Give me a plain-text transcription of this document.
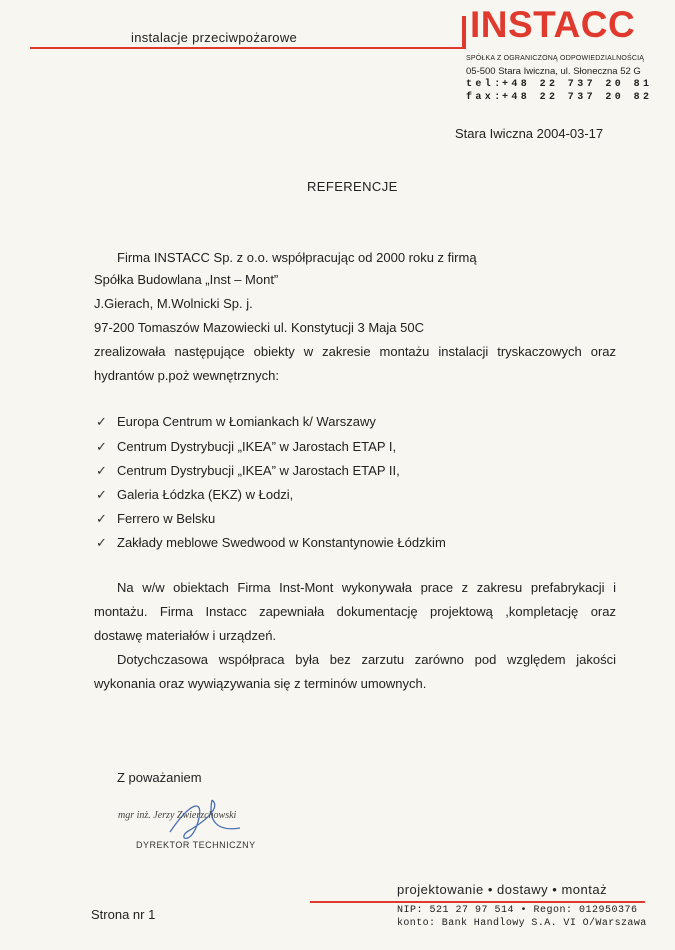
instalacje przeciwpożarowe	INSTACC
SPÓŁKA Z OGRANICZONĄ ODPOWIEDZIALNOŚCIĄ
05-500 Stara Iwiczna, ul. Słoneczna 52 G
tel:+48 22 737 20 81
fax:+48 22 737 20 82
Stara Iwiczna 2004-03-17
REFERENCJE
Firma INSTACC Sp. z o.o. współpracując od 2000 roku z firmą
Spółka Budowlana „Inst – Mont”
J.Gierach, M.Wolnicki Sp. j.
97-200 Tomaszów Mazowiecki ul. Konstytucji 3 Maja 50C
zrealizowała następujące obiekty w zakresie montażu instalacji tryskaczowych oraz
hydrantów p.poż wewnętrznych:
✓ Europa Centrum w Łomiankach k/ Warszawy
✓ Centrum Dystrybucji „IKEA” w Jarostach ETAP I,
✓ Centrum Dystrybucji „IKEA” w Jarostach ETAP II,
✓ Galeria Łódzka (EKZ) w Łodzi,
✓ Ferrero w Belsku
✓ Zakłady meblowe Swedwood w Konstantynowie Łódzkim
Na w/w obiektach Firma Inst-Mont wykonywała prace z zakresu prefabrykacji i
montażu. Firma Instacc zapewniała dokumentację projektową ,kompletację oraz
dostawę materiałów i urządzeń.
Dotychczasowa współpraca była bez zarzutu zarówno pod względem jakości
wykonania oraz wywiązywania się z terminów umownych.
Z poważaniem
mgr inż. Jerzy Zwierzchowski
DYREKTOR TECHNICZNY
Strona nr 1
projektowanie • dostawy • montaż
NIP: 521 27 97 514 • Regon: 012950376
konto: Bank Handlowy S.A. VI O/Warszawa
